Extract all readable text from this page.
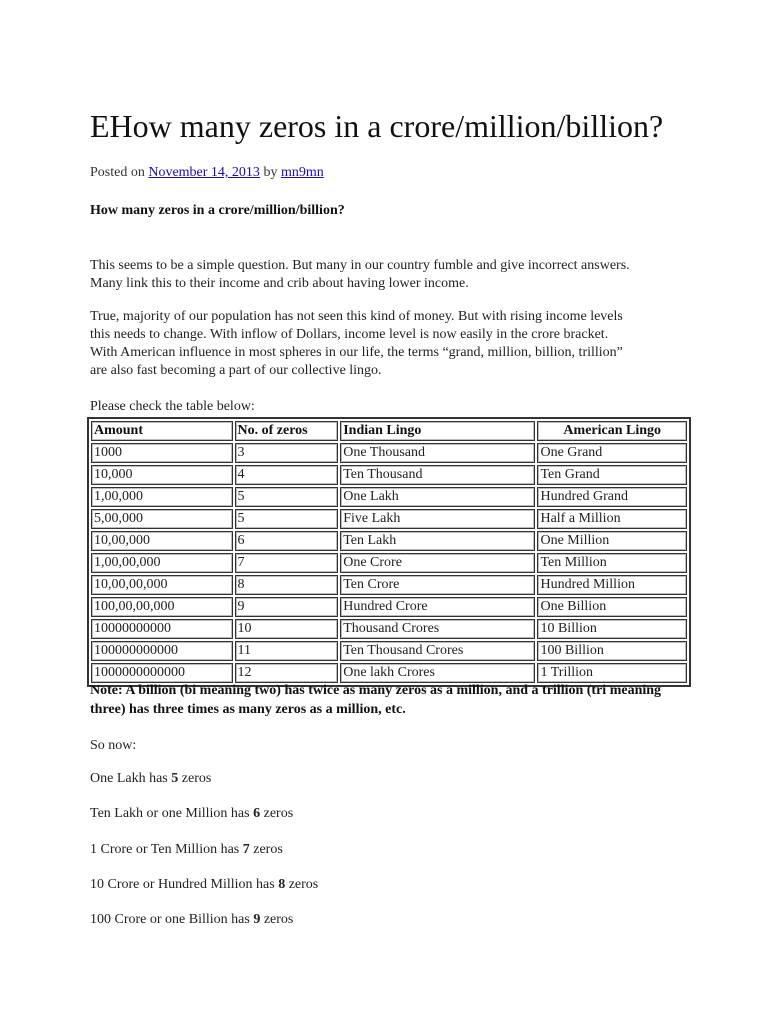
EHow many zeros in a crore/million/billion?
Posted on November 14, 2013 by mn9mn

How many zeros in a crore/million/billion?

This seems to be a simple question. But many in our country fumble and give incorrect answers.
Many link this to their income and crib about having lower income.

True, majority of our population has not seen this kind of money. But with rising income levels
this needs to change. With inflow of Dollars, income level is now easily in the crore bracket.
With American influence in most spheres in our life, the terms “grand, million, billion, trillion”
are also fast becoming a part of our collective lingo.

Please check the table below:

Amount	No. of zeros	Indian Lingo	American Lingo
1000	3	One Thousand	One Grand
10,000	4	Ten Thousand	Ten Grand
1,00,000	5	One Lakh	Hundred Grand
5,00,000	5	Five Lakh	Half a Million
10,00,000	6	Ten Lakh	One Million
1,00,00,000	7	One Crore	Ten Million
10,00,00,000	8	Ten Crore	Hundred Million
100,00,00,000	9	Hundred Crore	One Billion
10000000000	10	Thousand Crores	10 Billion
100000000000	11	Ten Thousand Crores	100 Billion
1000000000000	12	One lakh Crores	1 Trillion

Note: A billion (bi meaning two) has twice as many zeros as a million, and a trillion (tri meaning three) has three times as many zeros as a million, etc.

So now:

One Lakh has 5 zeros

Ten Lakh or one Million has 6 zeros

1 Crore or Ten Million has 7 zeros

10 Crore or Hundred Million has 8 zeros

100 Crore or one Billion has 9 zeros
